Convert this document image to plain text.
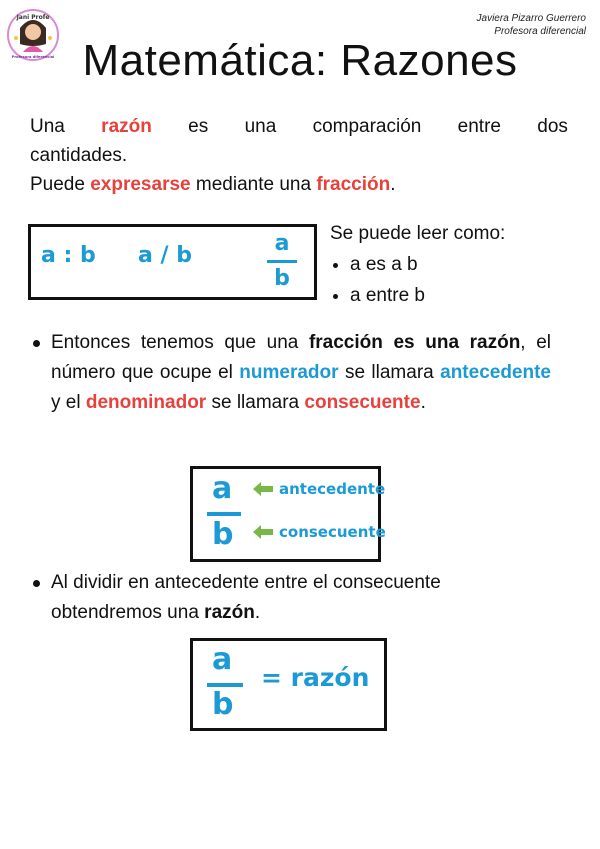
Jani Profe
Profesora diferencial
Javiera Pizarro Guerrero
Profesora diferencial
Matemática: Razones
Una razón es una comparación entre dos
cantidades.
Puede expresarse mediante una fracción.
a : b a / b	a
b
Se puede leer como:
• a es a b
• a entre b
Entonces tenemos que una fracción es una razón, el número que ocupe el numerador se llamara antecedente y el denominador se llamara consecuente.
a
b
antecedente
consecuente
Al dividir en antecedente entre el consecuente obtendremos una razón.
a
b
= razón
